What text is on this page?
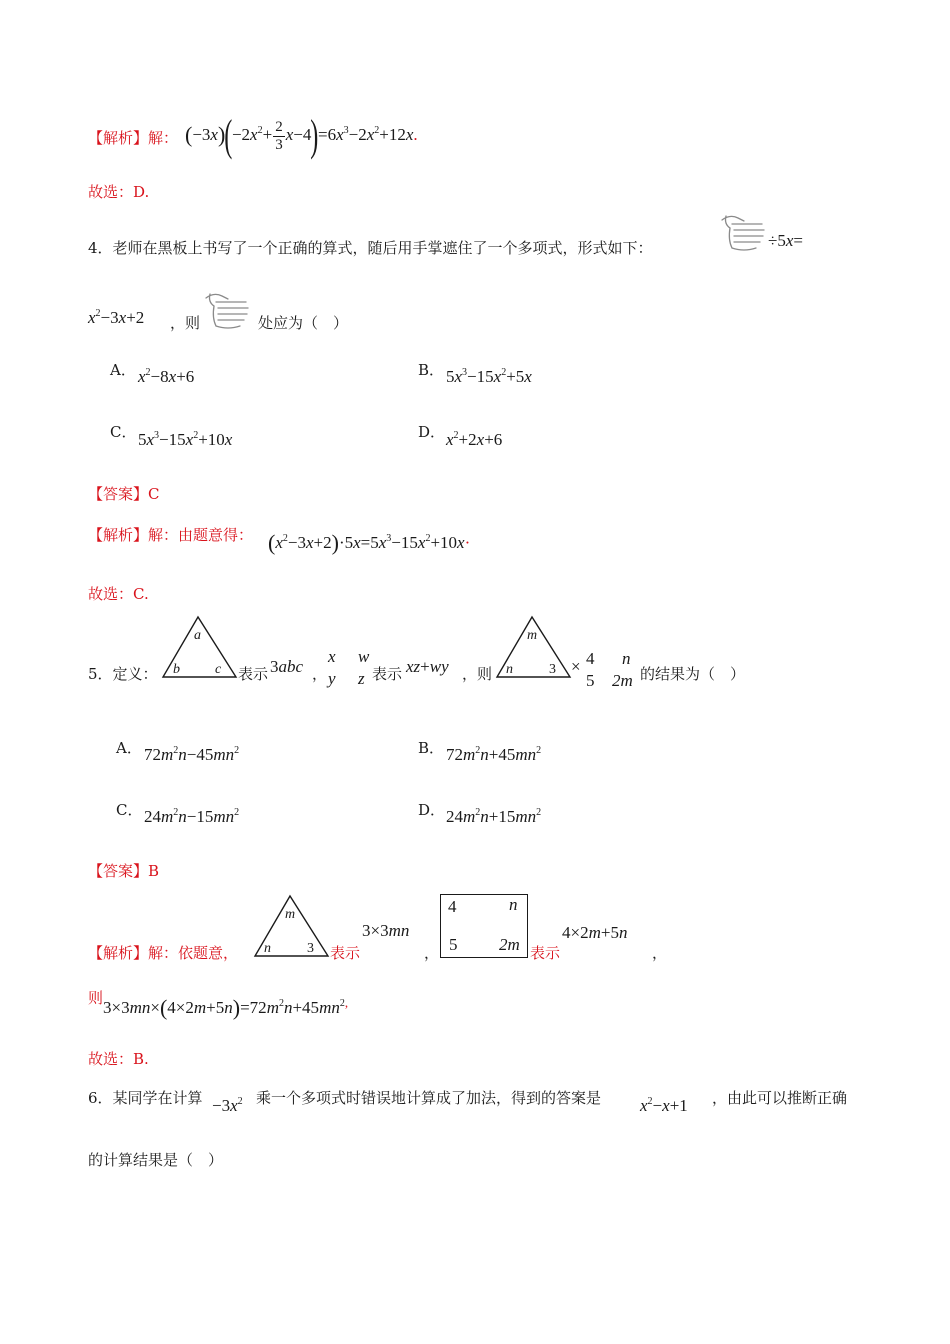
【解析】解： $(-3x)(-2x^2+ \frac{2}{3} x-4)=6x^3-2x^2+12x$.
故选：D.
4．老师在黑板上书写了一个正确的算式，随后用手掌遮住了一个多项式，形式如下：	÷5x=
$x^2-3x+2$ ，则	处应为（　）
A． $x^2-8x+6$	B． $5x^3-15x^2+5x$
C． $5x^3-15x^2+10x$	D． $x^2+2x+6$
【答案】C
【解析】解：由题意得： $(x^2-3x+2)\cdot 5x=5x^3-15x^2+10x\cdot$
故选：C.
5．定义：
a
b	c 表示 3abc ，
x w
y z 表示 xz+wy ，则
m
n	3 × 4 n
5 2m 的结果为（　）
A． $72m^2n-45mn^2$	B． $72m^2n+45mn^2$
C． $24m^2n-15mn^2$	D． $24m^2n+15mn^2$
【答案】B
【解析】解：依题意，
m
n	3 表示
3×3mn
，
4	n
5 2m 表示
4×2m+5n
，
则 $3\times 3mn\times(4\times 2m+5n)=72m^2n+45mn^{2,}$
故选：B.
6．某同学在计算 $-3x^2$ 乘一个多项式时错误地计算成了加法，得到的答案是 $x^2-x+1$ ，由此可以推断正确
的计算结果是（　）
